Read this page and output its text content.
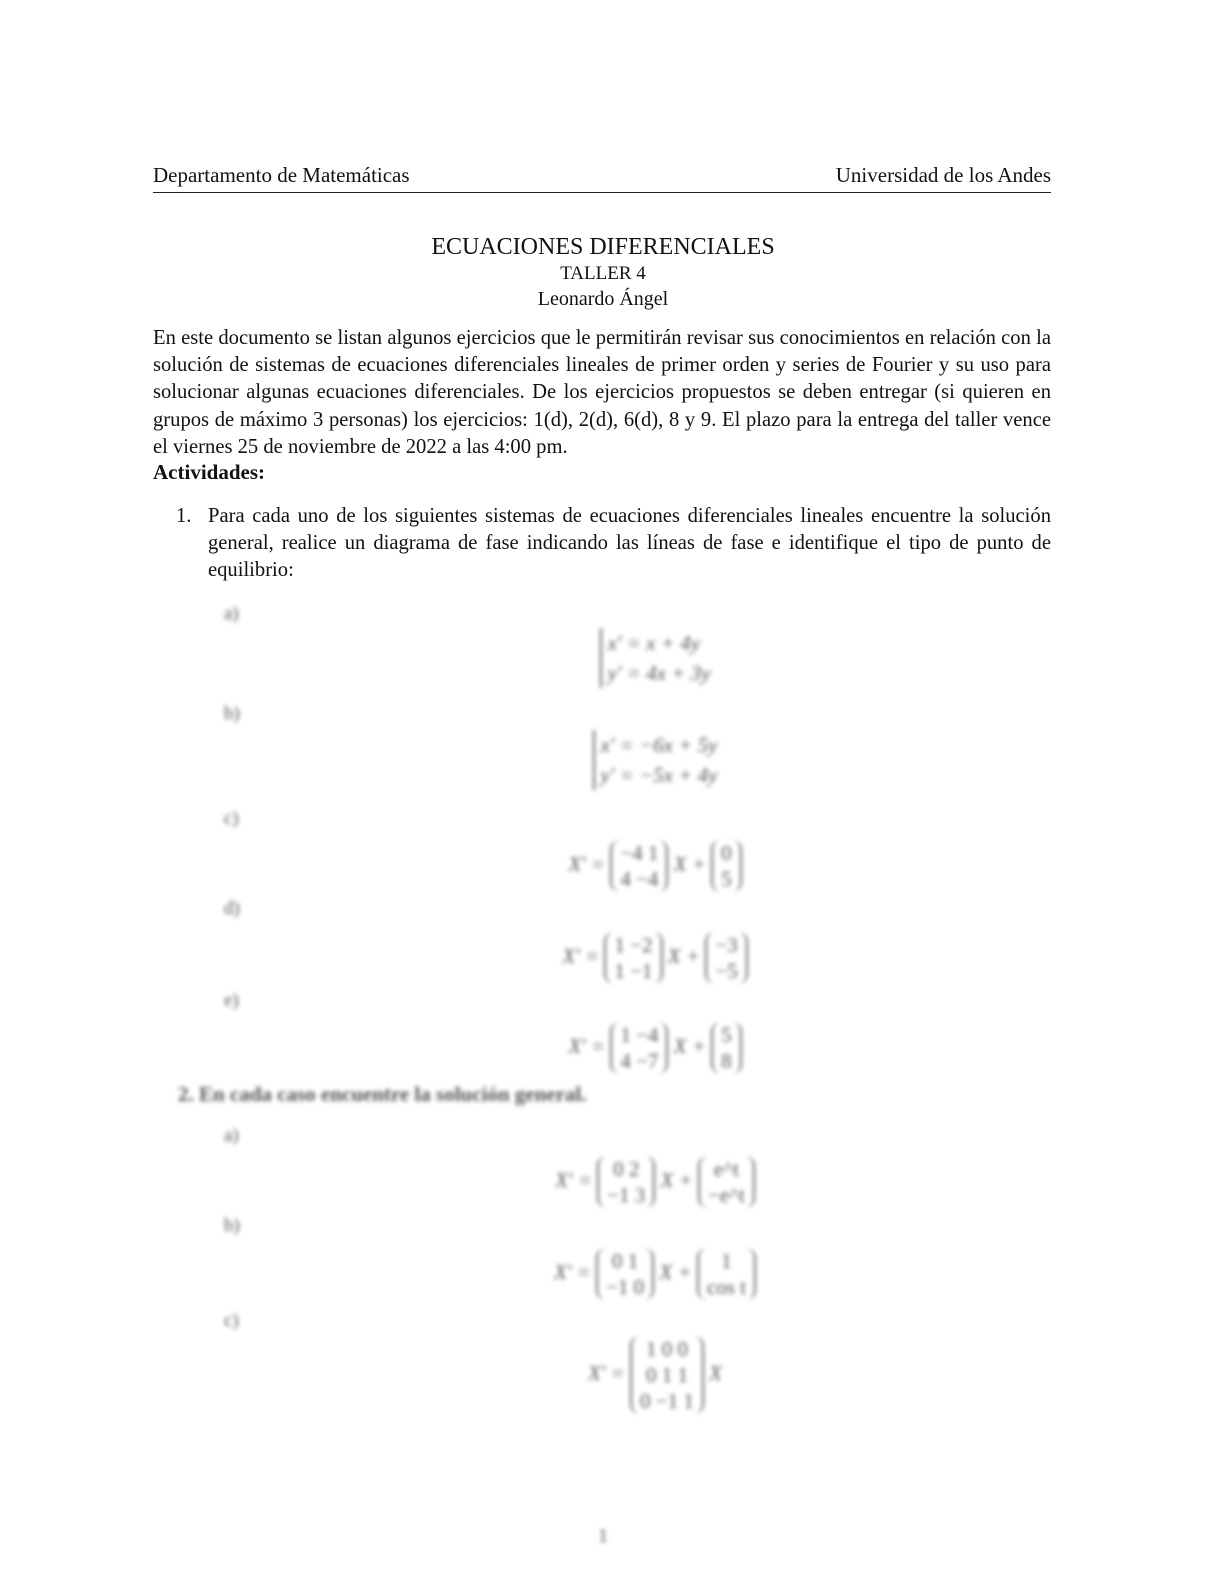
Departamento de Matemáticas	Universidad de los Andes
ECUACIONES DIFERENCIALES
TALLER 4
Leonardo Ángel
En este documento se listan algunos ejercicios que le permitirán revisar sus conocimientos en relación con la solución de sistemas de ecuaciones diferenciales lineales de primer orden y series de Fourier y su uso para solucionar algunas ecuaciones diferenciales. De los ejercicios propuestos se deben entregar (si quieren en grupos de máximo 3 personas) los ejercicios: 1(d), 2(d), 6(d), 8 y 9. El plazo para la entrega del taller vence el viernes 25 de noviembre de 2022 a las 4:00 pm.
Actividades:
1. Para cada uno de los siguientes sistemas de ecuaciones diferenciales lineales encuentre la solución general, realice un diagrama de fase indicando las líneas de fase e identifique el tipo de punto de equilibrio:
a)
x' = x + 4y
y' = 4x + 3y
b)
x' = −6x + 5y
y' = −5x + 4y
c)
X' = −4 1
4 −4 X + 0
5
d)
X' = 1 −2
1 −1 X + −3
−5
e)
X' = 1 −4
4 −7 X + 5
8
2. En cada caso encuentre la solución general.
a)
X' = 0 2
−1 3 X + e^t
−e^t
b)
X' = 0 1
−1 0 X + 1
cos t
c)
X' = 1 0 0
0 1 1
0 −1 1 X
1
